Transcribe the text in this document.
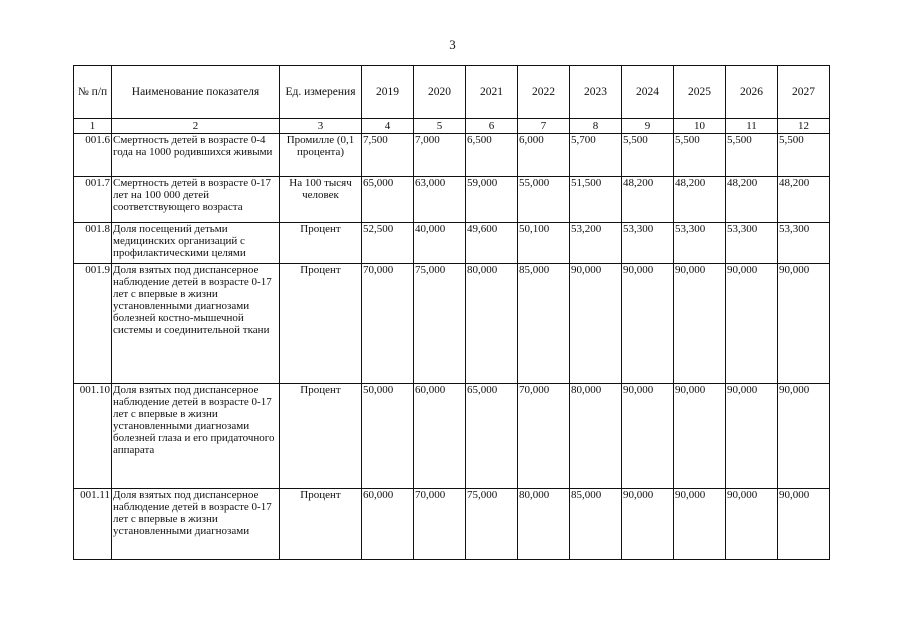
3
№ п/п	Наименование показателя	Ед. измерения	2019	2020	2021	2022	2023	2024	2025	2026	2027
1	2	3	4	5	6	7	8	9	10	11	12
001.6	Смертность детей в возрасте 0-4 года на 1000 родившихся живыми	Промилле (0,1 процента)	7,500	7,000	6,500	6,000	5,700	5,500	5,500	5,500	5,500
001.7	Смертность детей в возрасте 0-17 лет на 100 000 детей соответствующего возраста	На 100 тысяч человек	65,000	63,000	59,000	55,000	51,500	48,200	48,200	48,200	48,200
001.8	Доля посещений детьми медицинских организаций с профилактическими целями	Процент	52,500	40,000	49,600	50,100	53,200	53,300	53,300	53,300	53,300
001.9	Доля взятых под диспансерное наблюдение детей в возрасте 0-17 лет с впервые в жизни установленными диагнозами болезней костно-мышечной системы и соединительной ткани	Процент	70,000	75,000	80,000	85,000	90,000	90,000	90,000	90,000	90,000
001.10	Доля взятых под диспансерное наблюдение детей в возрасте 0-17 лет с впервые в жизни установленными диагнозами болезней глаза и его придаточного аппарата	Процент	50,000	60,000	65,000	70,000	80,000	90,000	90,000	90,000	90,000
001.11	Доля взятых под диспансерное наблюдение детей в возрасте 0-17 лет с впервые в жизни установленными диагнозами	Процент	60,000	70,000	75,000	80,000	85,000	90,000	90,000	90,000	90,000
